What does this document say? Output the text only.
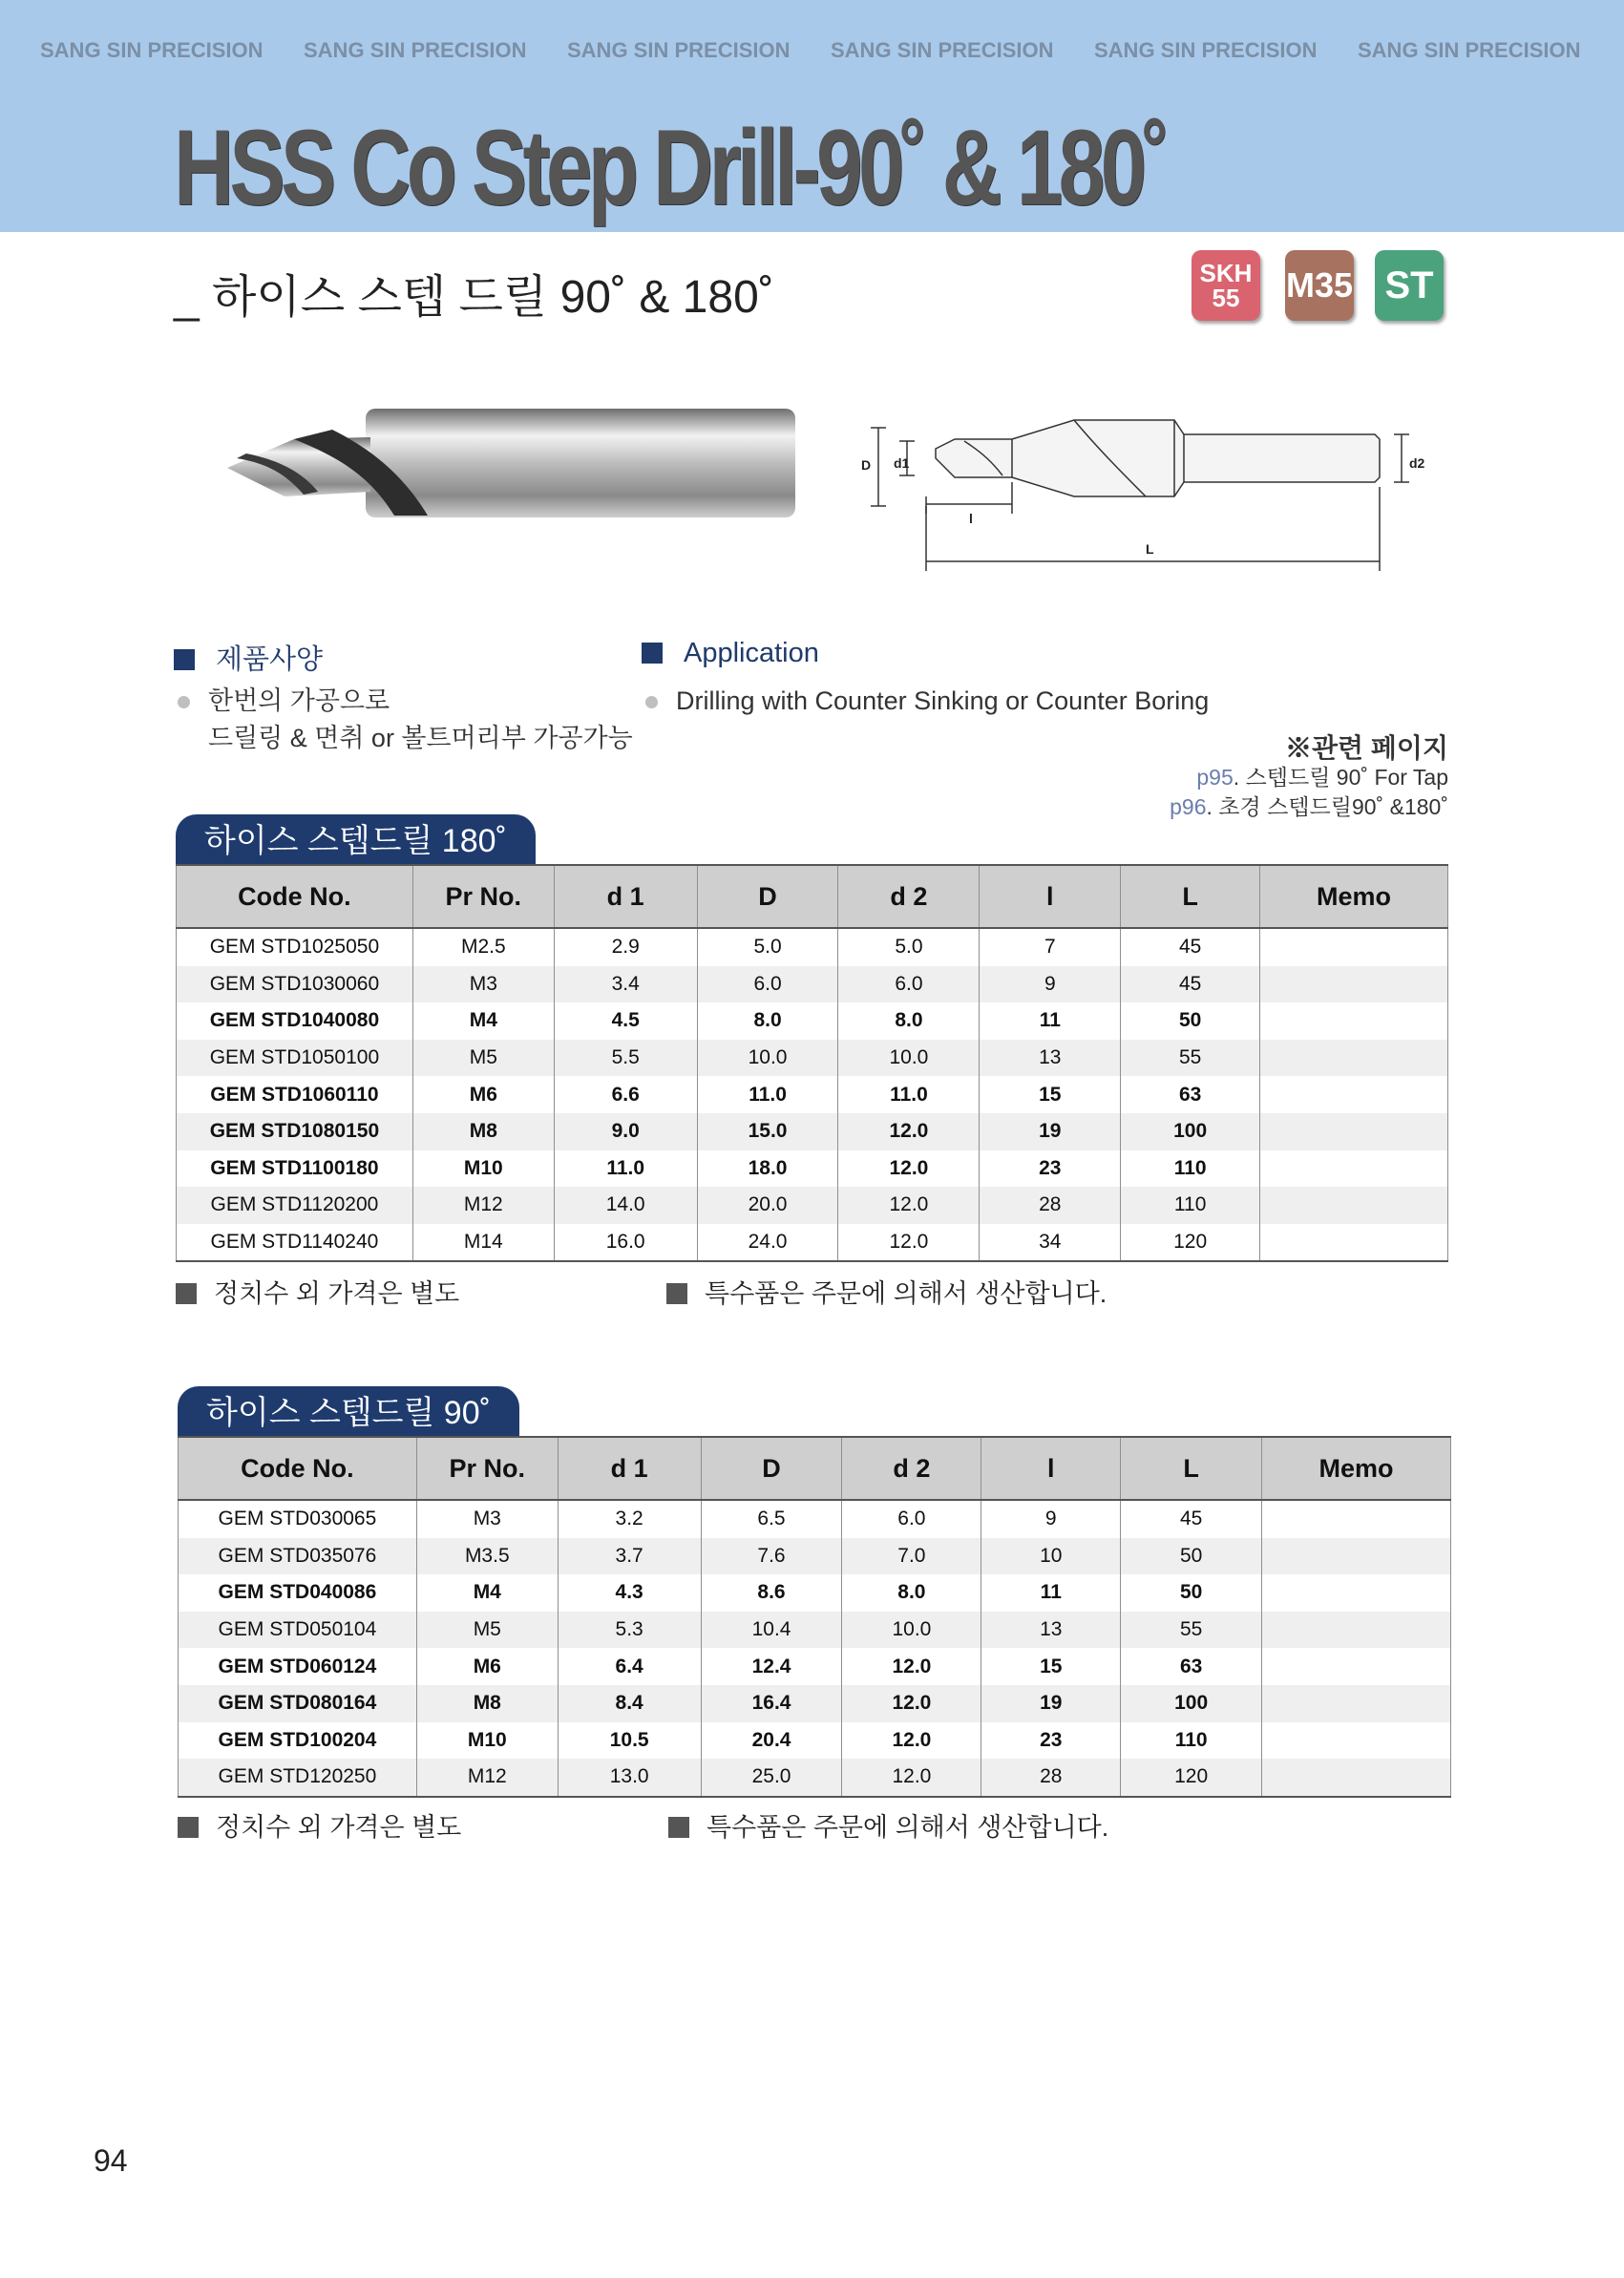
SANG SIN PRECISION SANG SIN PRECISION SANG SIN PRECISION SANG SIN PRECISION SANG SIN PRECISION SANG SIN PRECISION
HSS Co Step Drill-90˚ & 180˚
_ 하이스 스텝 드릴 90˚ & 180˚	SKH
55 M35 ST
D d1
l
L
d2
제품사양
한번의 가공으로
드릴링 & 면취 or 볼트머리부 가공가능
Application
Drilling with Counter Sinking or Counter Boring
※관련 페이지
p95. 스텝드릴 90˚ For Tap
p96. 초경 스텝드릴90˚ &180˚
하이스 스텝드릴 180˚
Code No.	Pr No.	d 1	D	d 2	l	L	Memo
GEM STD1025050	M2.5	2.9	5.0	5.0	7	45	
GEM STD1030060	M3	3.4	6.0	6.0	9	45	
GEM STD1040080	M4	4.5	8.0	8.0	11	50	
GEM STD1050100	M5	5.5	10.0	10.0	13	55	
GEM STD1060110	M6	6.6	11.0	11.0	15	63	
GEM STD1080150	M8	9.0	15.0	12.0	19	100	
GEM STD1100180	M10	11.0	18.0	12.0	23	110	
GEM STD1120200	M12	14.0	20.0	12.0	28	110	
GEM STD1140240	M14	16.0	24.0	12.0	34	120	
정치수 외 가격은 별도	특수품은 주문에 의해서 생산합니다.
하이스 스텝드릴 90˚
Code No.	Pr No.	d 1	D	d 2	l	L	Memo
GEM STD030065	M3	3.2	6.5	6.0	9	45	
GEM STD035076	M3.5	3.7	7.6	7.0	10	50	
GEM STD040086	M4	4.3	8.6	8.0	11	50	
GEM STD050104	M5	5.3	10.4	10.0	13	55	
GEM STD060124	M6	6.4	12.4	12.0	15	63	
GEM STD080164	M8	8.4	16.4	12.0	19	100	
GEM STD100204	M10	10.5	20.4	12.0	23	110	
GEM STD120250	M12	13.0	25.0	12.0	28	120	
정치수 외 가격은 별도	특수품은 주문에 의해서 생산합니다.
94
